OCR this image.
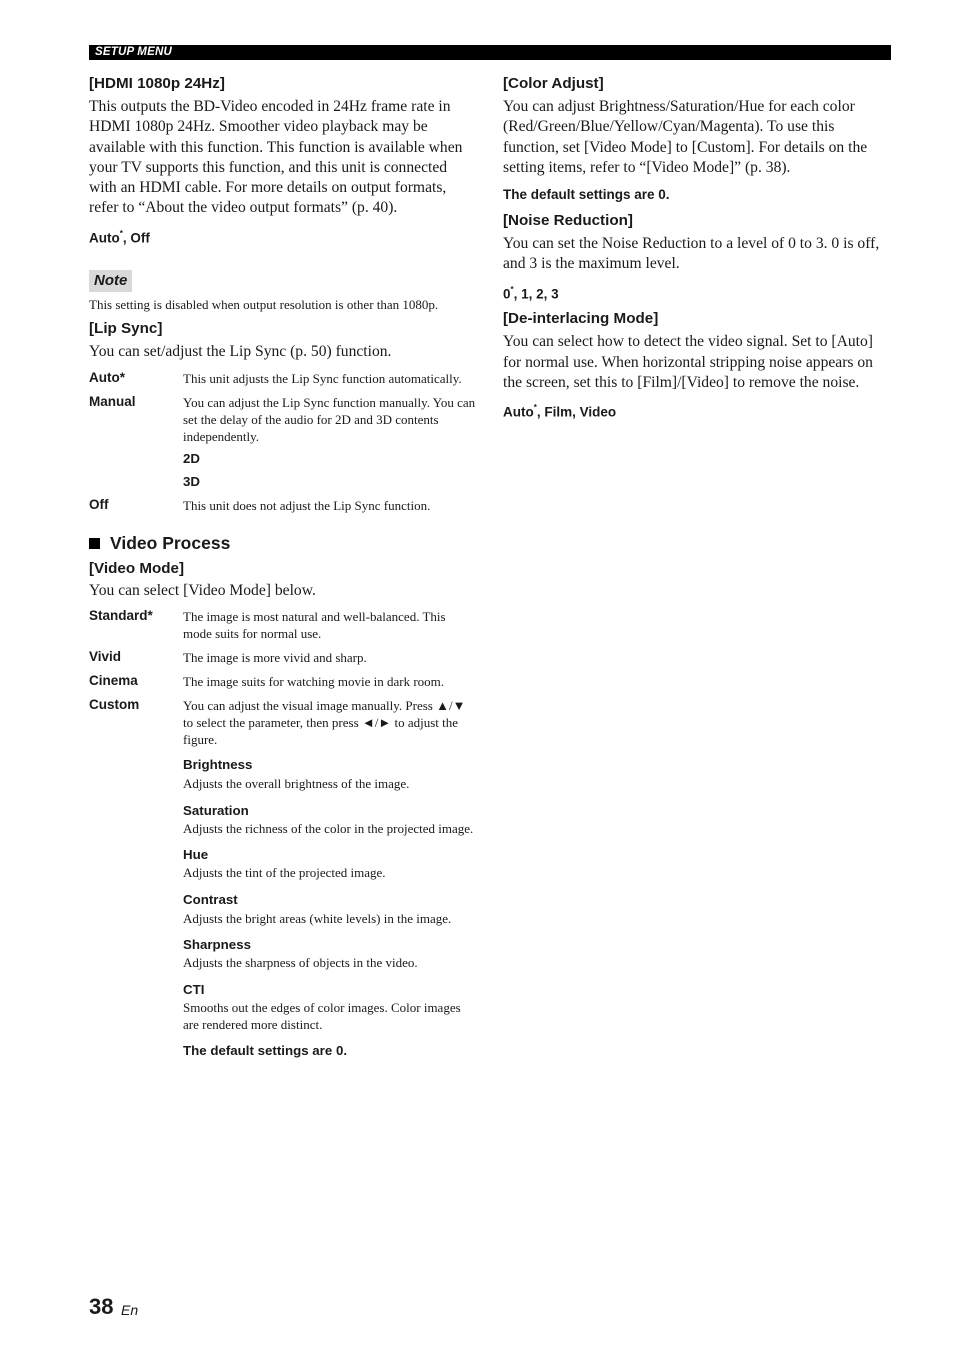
SETUP MENU

[HDMI 1080p 24Hz]

This outputs the BD-Video encoded in 24Hz frame rate in HDMI 1080p 24Hz. Smoother video playback may be available with this function. This function is available when your TV supports this function, and this unit is connected with an HDMI cable. For more details on output formats, refer to “About the video output formats” (p. 40).

Auto*, Off

Note

This setting is disabled when output resolution is other than 1080p.

[Lip Sync]

You can set/adjust the Lip Sync (p. 50) function.

Auto*	This unit adjusts the Lip Sync function automatically.
Manual	You can adjust the Lip Sync function manually. You can set the delay of the audio for 2D and 3D contents independently.
2D
3D
Off	This unit does not adjust the Lip Sync function.

Video Process

[Video Mode]

You can select [Video Mode] below.

Standard* The image is most natural and well-balanced. This mode suits for normal use.
Vivid	The image is more vivid and sharp.
Cinema	The image suits for watching movie in dark room.
Custom	You can adjust the visual image manually. Press ▲/▼ to select the parameter, then press ◄/► to adjust the figure.
Brightness
Adjusts the overall brightness of the image.
Saturation
Adjusts the richness of the color in the projected image.
Hue
Adjusts the tint of the projected image.
Contrast
Adjusts the bright areas (white levels) in the image.
Sharpness
Adjusts the sharpness of objects in the video.
CTI
Smooths out the edges of color images. Color images are rendered more distinct.
The default settings are 0.

[Color Adjust]

You can adjust Brightness/Saturation/Hue for each color (Red/Green/Blue/Yellow/Cyan/Magenta). To use this function, set [Video Mode] to [Custom]. For details on the setting items, refer to “[Video Mode]” (p. 38).

The default settings are 0.

[Noise Reduction]

You can set the Noise Reduction to a level of 0 to 3. 0 is off, and 3 is the maximum level.

0*, 1, 2, 3

[De-interlacing Mode]

You can select how to detect the video signal. Set to [Auto] for normal use. When horizontal stripping noise appears on the screen, set this to [Film]/[Video] to remove the noise.

Auto*, Film, Video

38 En
